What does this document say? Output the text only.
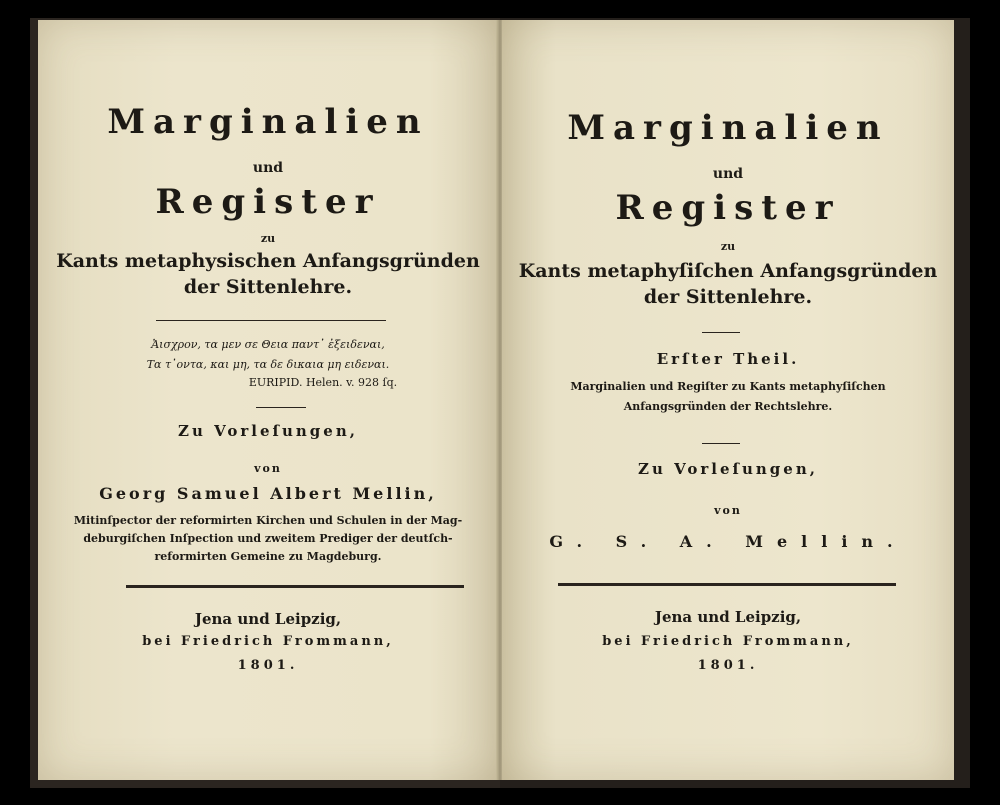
Marginalien
und
Register
zu
Kants metaphysischen Anfangsgründen
der Sittenlehre.
Ἀισχρον, τα μεν σε Θεια παντ᾿ ἐξειδεναι,
Τα τ᾿οντα, και μη, τα δε δικαια μη ειδεναι.
EURIPID. Helen. v. 928 ſq.
Zu Vorleſungen,
von
Georg Samuel Albert Mellin,
Mitinſpector der reformirten Kirchen und Schulen in der Mag-
deburgiſchen Inſpection und zweitem Prediger der deutſch-
reformirten Gemeine zu Magdeburg.
Jena und Leipzig,
bei Friedrich Frommann,
1801.
Marginalien
und
Register
zu
Kants metaphyſiſchen Anfangsgründen
der Sittenlehre.
Erſter Theil.
Marginalien und Regiſter zu Kants metaphyſiſchen
Anfangsgründen der Rechtslehre.
Zu Vorleſungen,
von
G. S. A. Mellin.
Jena und Leipzig,
bei Friedrich Frommann,
1801.
